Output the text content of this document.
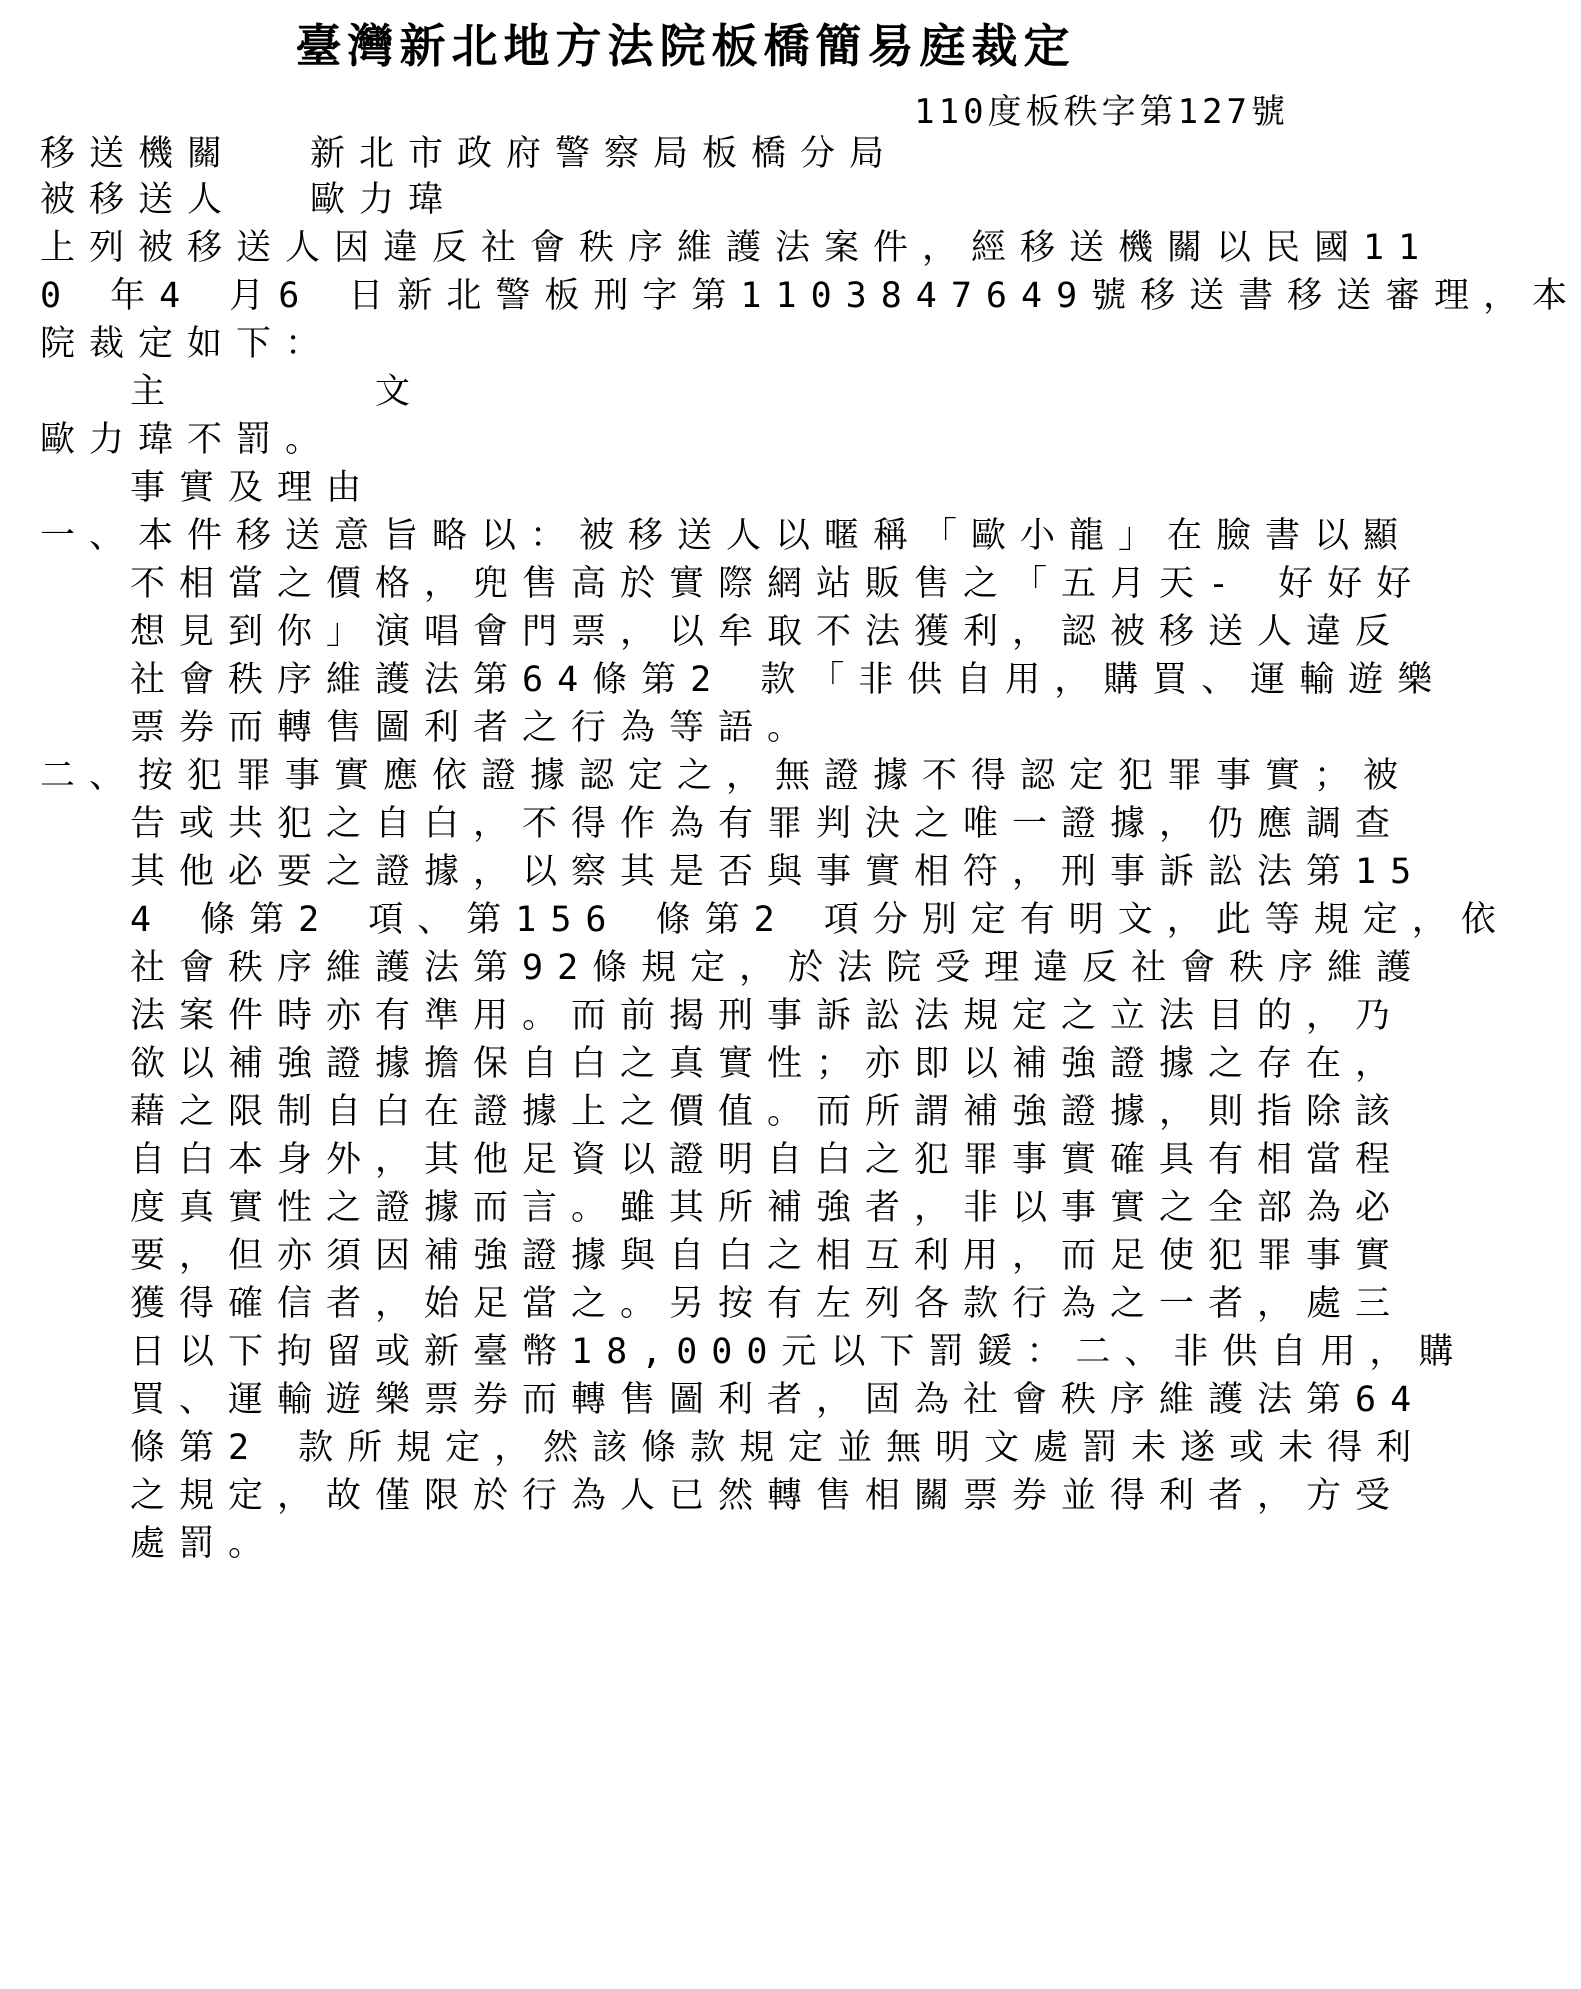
臺灣新北地方法院板橋簡易庭裁定
110度板秩字第127號
移送機關 新北市政府警察局板橋分局
被移送人 歐力瑋
上列被移送人因違反社會秩序維護法案件，經移送機關以民國11
0 年4 月6 日新北警板刑字第1103847649號移送書移送審理，本
院裁定如下：
主　　　　文
歐力瑋不罰。
事實及理由
一、本件移送意旨略以：被移送人以暱稱「歐小龍」在臉書以顯
不相當之價格，兜售高於實際網站販售之「五月天- 好好好
想見到你」演唱會門票，以牟取不法獲利，認被移送人違反
社會秩序維護法第64條第2 款「非供自用，購買、運輸遊樂
票券而轉售圖利者之行為等語。
二、按犯罪事實應依證據認定之，無證據不得認定犯罪事實；被
告或共犯之自白，不得作為有罪判決之唯一證據，仍應調查
其他必要之證據，以察其是否與事實相符，刑事訴訟法第15
4 條第2 項、第156 條第2 項分別定有明文，此等規定，依
社會秩序維護法第92條規定，於法院受理違反社會秩序維護
法案件時亦有準用。而前揭刑事訴訟法規定之立法目的，乃
欲以補強證據擔保自白之真實性；亦即以補強證據之存在，
藉之限制自白在證據上之價值。而所謂補強證據，則指除該
自白本身外，其他足資以證明自白之犯罪事實確具有相當程
度真實性之證據而言。雖其所補強者，非以事實之全部為必
要，但亦須因補強證據與自白之相互利用，而足使犯罪事實
獲得確信者，始足當之。另按有左列各款行為之一者，處三
日以下拘留或新臺幣18,000元以下罰鍰：二、非供自用，購
買、運輸遊樂票券而轉售圖利者，固為社會秩序維護法第64
條第2 款所規定，然該條款規定並無明文處罰未遂或未得利
之規定，故僅限於行為人已然轉售相關票券並得利者，方受
處罰。
